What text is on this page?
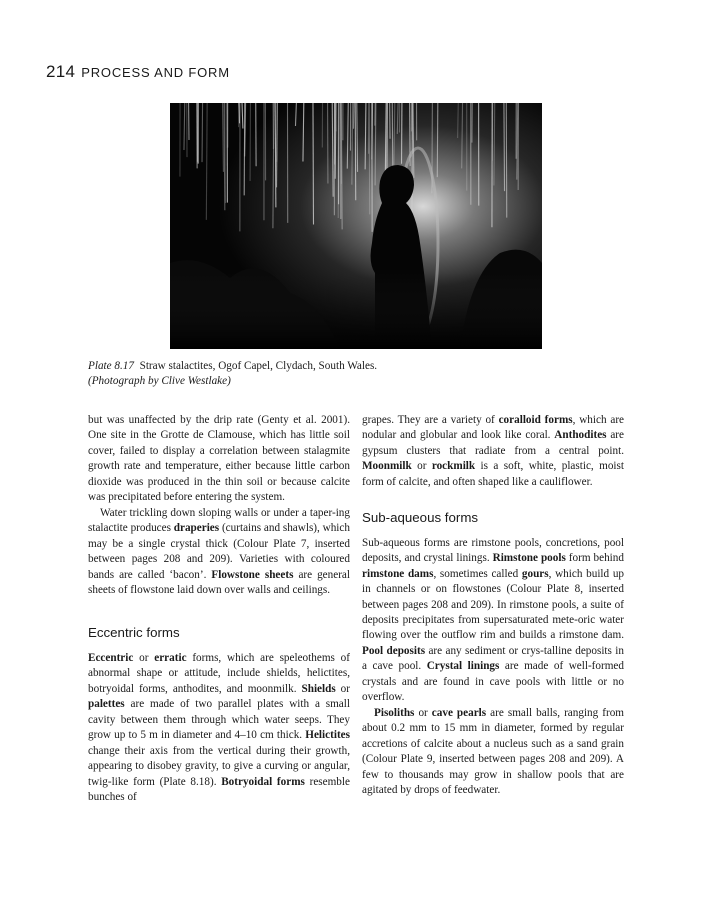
214 PROCESS AND FORM
Plate 8.17 Straw stalactites, Ogof Capel, Clydach, South Wales.
(Photograph by Clive Westlake)

but was unaffected by the drip rate (Genty et al. 2001). One site in the Grotte de Clamouse, which has little soil cover, failed to display a correlation between stalagmite growth rate and temperature, either because little carbon dioxide was produced in the thin soil or because calcite was precipitated before entering the system.

Water trickling down sloping walls or under a taper-ing stalactite produces draperies (curtains and shawls), which may be a single crystal thick (Colour Plate 7, inserted between pages 208 and 209). Varieties with coloured bands are called ‘bacon’. Flowstone sheets are general sheets of flowstone laid down over walls and ceilings.

Eccentric forms

Eccentric or erratic forms, which are speleothems of abnormal shape or attitude, include shields, helictites, botryoidal forms, anthodites, and moonmilk. Shields or palettes are made of two parallel plates with a small cavity between them through which water seeps. They grow up to 5 m in diameter and 4–10 cm thick. Helictites change their axis from the vertical during their growth, appearing to disobey gravity, to give a curving or angular, twig-like form (Plate 8.18). Botryoidal forms resemble bunches of

grapes. They are a variety of coralloid forms, which are nodular and globular and look like coral. Anthodites are gypsum clusters that radiate from a central point. Moonmilk or rockmilk is a soft, white, plastic, moist form of calcite, and often shaped like a cauliflower.

Sub-aqueous forms

Sub-aqueous forms are rimstone pools, concretions, pool deposits, and crystal linings. Rimstone pools form behind rimstone dams, sometimes called gours, which build up in channels or on flowstones (Colour Plate 8, inserted between pages 208 and 209). In rimstone pools, a suite of deposits precipitates from supersaturated mete-oric water flowing over the outflow rim and builds a rimstone dam. Pool deposits are any sediment or crys-talline deposits in a cave pool. Crystal linings are made of well-formed crystals and are found in cave pools with little or no overflow.

Pisoliths or cave pearls are small balls, ranging from about 0.2 mm to 15 mm in diameter, formed by regular accretions of calcite about a nucleus such as a sand grain (Colour Plate 9, inserted between pages 208 and 209). A few to thousands may grow in shallow pools that are agitated by drops of feedwater.
